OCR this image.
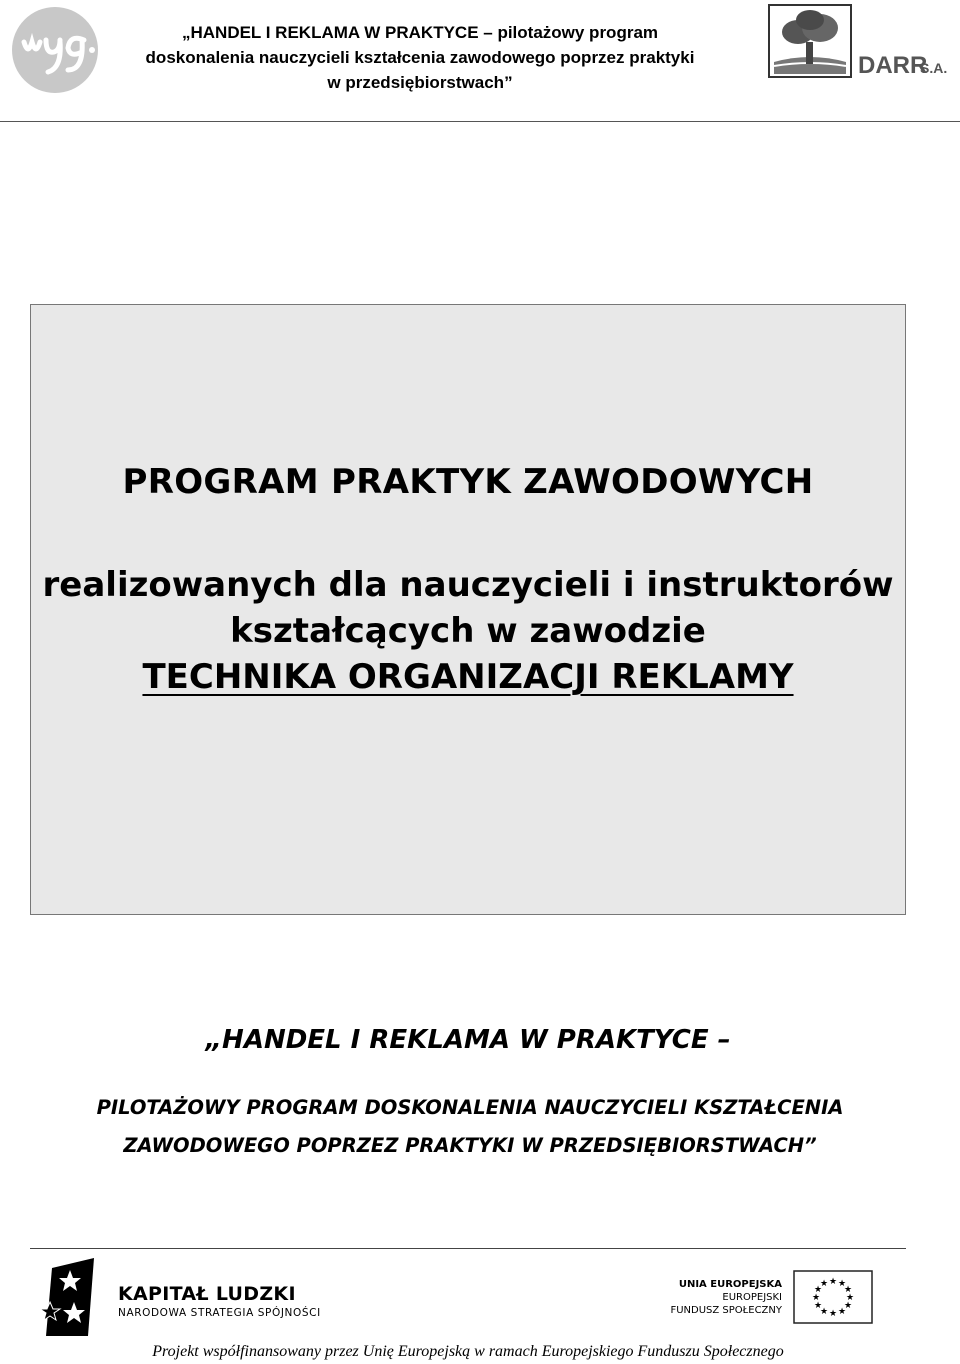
„HANDEL I REKLAMA W PRAKTYCE – pilotażowy program
doskonalenia nauczycieli kształcenia zawodowego poprzez praktyki
w przedsiębiorstwach”
DARR
S.A.
PROGRAM PRAKTYK ZAWODOWYCH
realizowanych dla nauczycieli i instruktorów
kształcących w zawodzie
TECHNIKA ORGANIZACJI REKLAMY
„HANDEL I REKLAMA W PRAKTYCE –
PILOTAŻOWY PROGRAM DOSKONALENIA NAUCZYCIELI KSZTAŁCENIA
ZAWODOWEGO POPRZEZ PRAKTYKI W PRZEDSIĘBIORSTWACH”
KAPITAŁ LUDZKI
NARODOWA STRATEGIA SPÓJNOŚCI
UNIA EUROPEJSKA
EUROPEJSKI
FUNDUSZ SPOŁECZNY
★ ★
★
★
★
★
★
★
★
★
★
★
Projekt współfinansowany przez Unię Europejską w ramach Europejskiego Funduszu Społecznego
